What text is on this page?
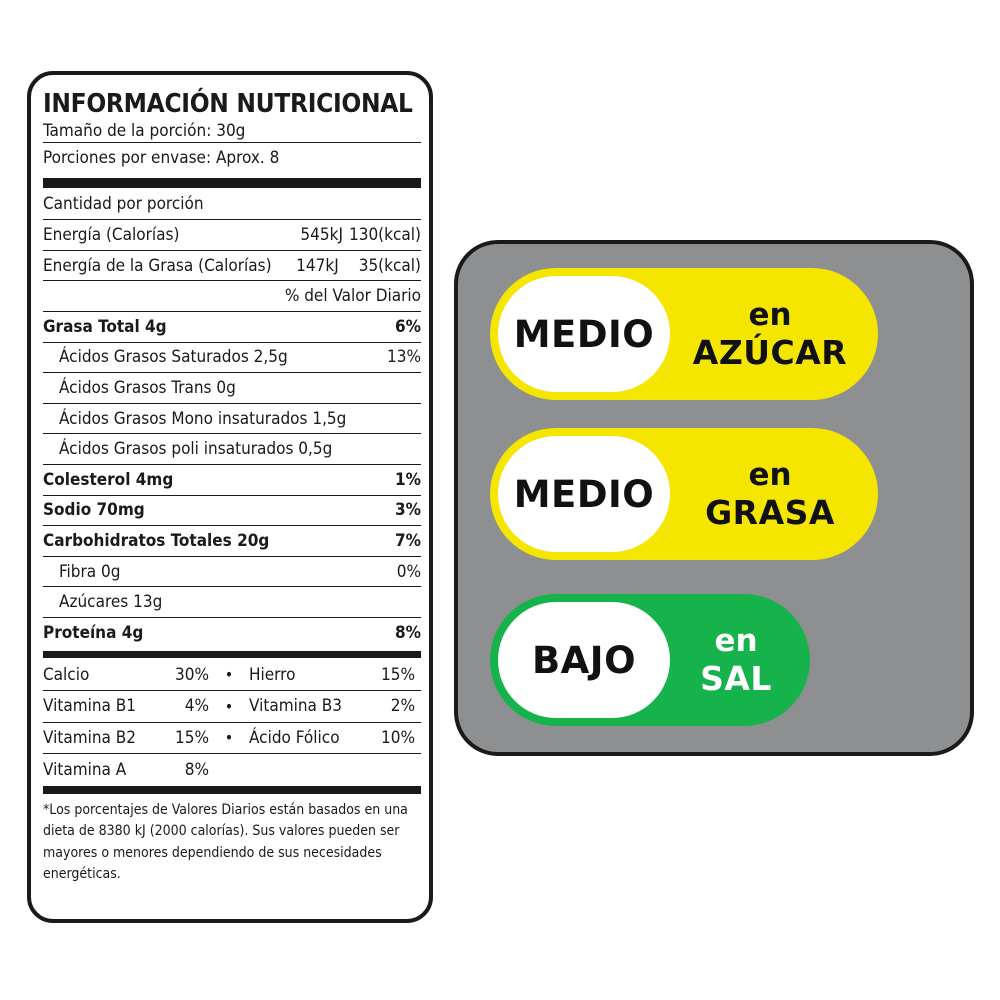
INFORMACIÓN NUTRICIONAL
Tamaño de la porción: 30g
Porciones por envase: Aprox. 8
Cantidad por porción
Energía (Calorías)	545kJ 130(kcal)
Energía de la Grasa (Calorías) 147kJ 35(kcal)
% del Valor Diario
Grasa Total 4g	6%
Ácidos Grasos Saturados 2,5g	13%
Ácidos Grasos Trans 0g
Ácidos Grasos Mono insaturados 1,5g
Ácidos Grasos poli insaturados 0,5g
Colesterol 4mg	1%
Sodio 70mg	3%
Carbohidratos Totales 20g	7%
Fibra 0g	0%
Azúcares 13g
Proteína 4g	8%
Calcio	30% • Hierro	15%
Vitamina B1	4% • Vitamina B3	2%
Vitamina B2	15% • Ácido Fólico	10%
Vitamina A	8%
*Los porcentajes de Valores Diarios están basados en una dieta de 8380 kJ (2000 calorías). Sus valores pueden ser mayores o menores dependiendo de sus necesidades energéticas.
MEDIO	en
AZÚCAR
MEDIO	en
GRASA
BAJO	en
SAL
